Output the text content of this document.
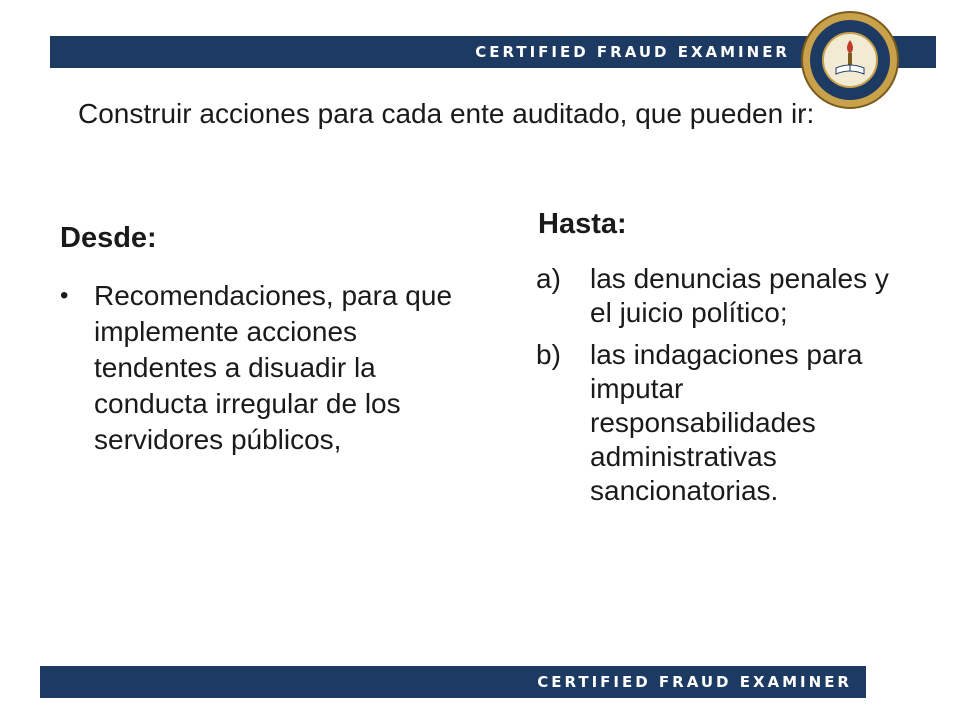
CERTIFIED FRAUD EXAMINER
Construir acciones para cada ente auditado, que pueden ir:
Desde:
• Recomendaciones, para que implemente acciones tendentes a disuadir la conducta irregular de los servidores públicos,
Hasta:
a) las denuncias penales y el juicio político;
b) las indagaciones para imputar responsabilidades administrativas sancionatorias.
CERTIFIED FRAUD EXAMINER
